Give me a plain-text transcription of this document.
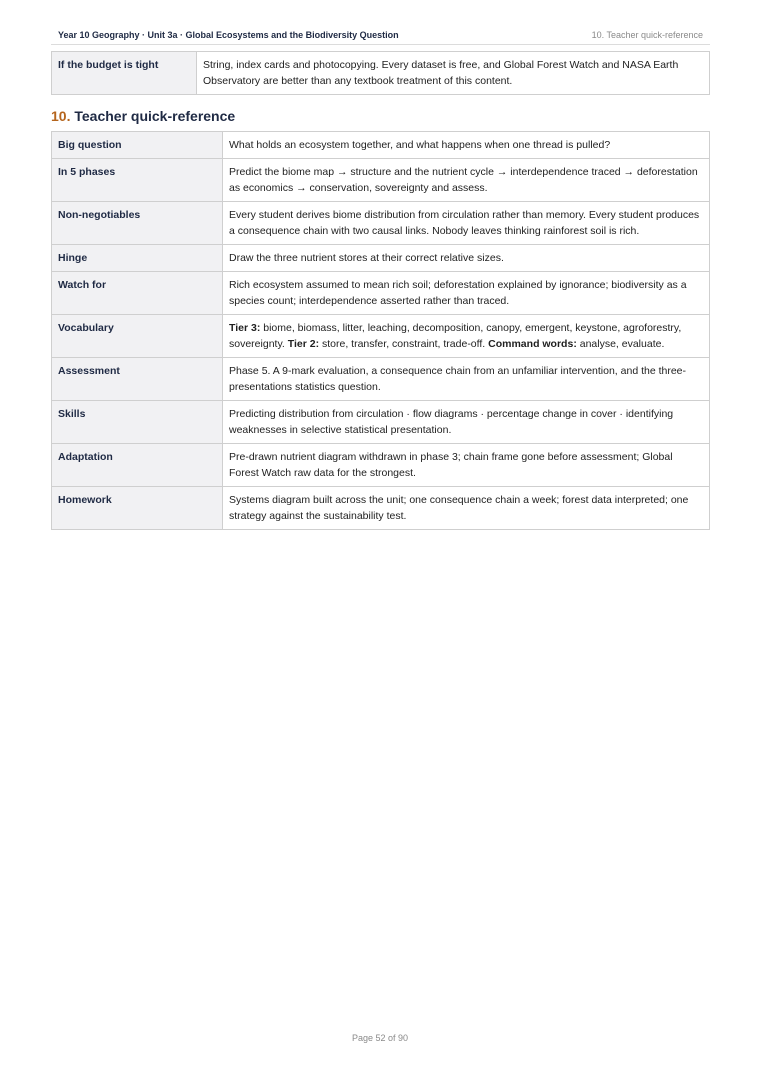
Year 10 Geography · Unit 3a · Global Ecosystems and the Biodiversity Question	10. Teacher quick-reference
If the budget is tight	String, index cards and photocopying. Every dataset is free, and Global Forest Watch and NASA Earth Observatory are better than any textbook treatment of this content.
10. Teacher quick-reference
Big question	What holds an ecosystem together, and what happens when one thread is pulled?
In 5 phases	Predict the biome map → structure and the nutrient cycle → interdependence traced → deforestation as economics → conservation, sovereignty and assess.
Non-negotiables	Every student derives biome distribution from circulation rather than memory. Every student produces a consequence chain with two causal links. Nobody leaves thinking rainforest soil is rich.
Hinge	Draw the three nutrient stores at their correct relative sizes.
Watch for	Rich ecosystem assumed to mean rich soil; deforestation explained by ignorance; biodiversity as a species count; interdependence asserted rather than traced.
Vocabulary	Tier 3: biome, biomass, litter, leaching, decomposition, canopy, emergent, keystone, agroforestry, sovereignty. Tier 2: store, transfer, constraint, trade-off. Command words: analyse, evaluate.
Assessment	Phase 5. A 9-mark evaluation, a consequence chain from an unfamiliar intervention, and the three-presentations statistics question.
Skills	Predicting distribution from circulation · flow diagrams · percentage change in cover · identifying weaknesses in selective statistical presentation.
Adaptation	Pre-drawn nutrient diagram withdrawn in phase 3; chain frame gone before assessment; Global Forest Watch raw data for the strongest.
Homework	Systems diagram built across the unit; one consequence chain a week; forest data interpreted; one strategy against the sustainability test.
Page 52 of 90
